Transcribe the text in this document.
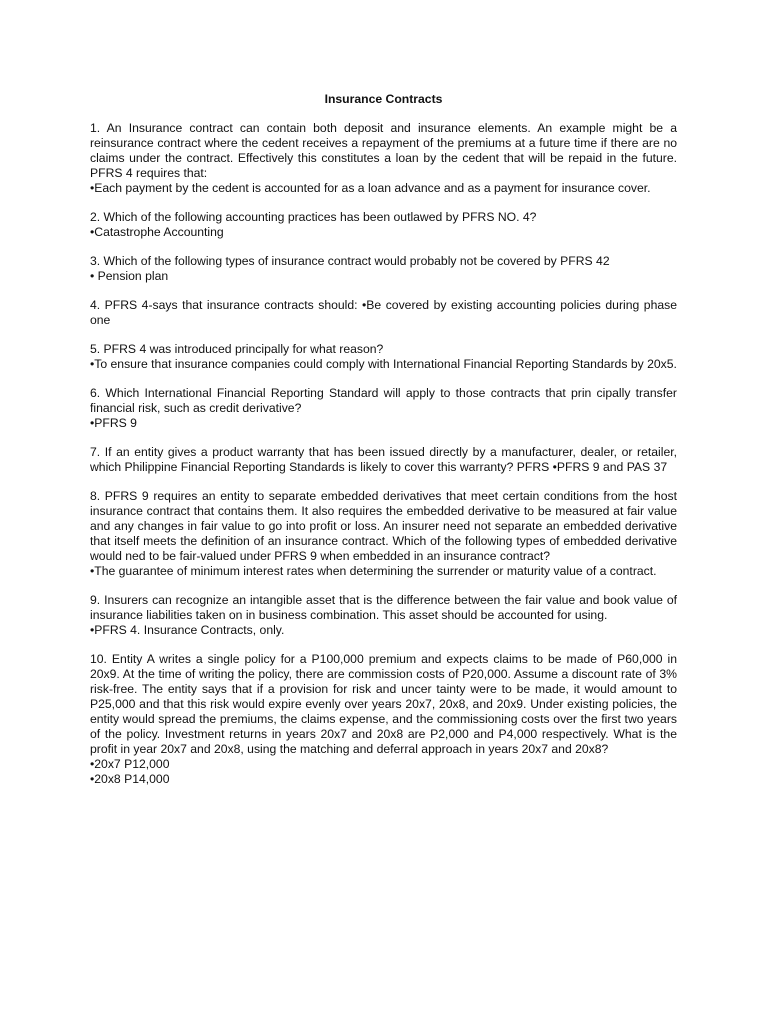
Insurance Contracts

1. An Insurance contract can contain both deposit and insurance elements. An example might be a reinsurance contract where the cedent receives a repayment of the premiums at a future time if there are no claims under the contract. Effectively this constitutes a loan by the cedent that will be repaid in the future. PFRS 4 requires that:

•Each payment by the cedent is accounted for as a loan advance and as a payment for insurance cover.

2. Which of the following accounting practices has been outlawed by PFRS NO. 4?

•Catastrophe Accounting

3. Which of the following types of insurance contract would probably not be covered by PFRS 42

• Pension plan

4. PFRS 4-says that insurance contracts should: •Be covered by existing accounting policies during phase one

5. PFRS 4 was introduced principally for what reason?

•To ensure that insurance companies could comply with International Financial Reporting Standards by 20x5.

6. Which International Financial Reporting Standard will apply to those contracts that prin cipally transfer financial risk, such as credit derivative?

•PFRS 9

7. If an entity gives a product warranty that has been issued directly by a manufacturer, dealer, or retailer, which Philippine Financial Reporting Standards is likely to cover this warranty? PFRS •PFRS 9 and PAS 37

8. PFRS 9 requires an entity to separate embedded derivatives that meet certain conditions from the host insurance contract that contains them. It also requires the embedded derivative to be measured at fair value and any changes in fair value to go into profit or loss. An insurer need not separate an embedded derivative that itself meets the definition of an insurance contract. Which of the following types of embedded derivative would ned to be fair-valued under PFRS 9 when embedded in an insurance contract?

•The guarantee of minimum interest rates when determining the surrender or maturity value of a contract.

9. Insurers can recognize an intangible asset that is the difference between the fair value and book value of insurance liabilities taken on in business combination. This asset should be accounted for using.

•PFRS 4. Insurance Contracts, only.

10. Entity A writes a single policy for a P100,000 premium and expects claims to be made of P60,000 in 20x9. At the time of writing the policy, there are commission costs of P20,000. Assume a discount rate of 3% risk-free. The entity says that if a provision for risk and uncer tainty were to be made, it would amount to P25,000 and that this risk would expire evenly over years 20x7, 20x8, and 20x9. Under existing policies, the entity would spread the premiums, the claims expense, and the commissioning costs over the first two years of the policy. Investment returns in years 20x7 and 20x8 are P2,000 and P4,000 respectively. What is the profit in year 20x7 and 20x8, using the matching and deferral approach in years 20x7 and 20x8?

•20x7 P12,000

•20x8 P14,000
